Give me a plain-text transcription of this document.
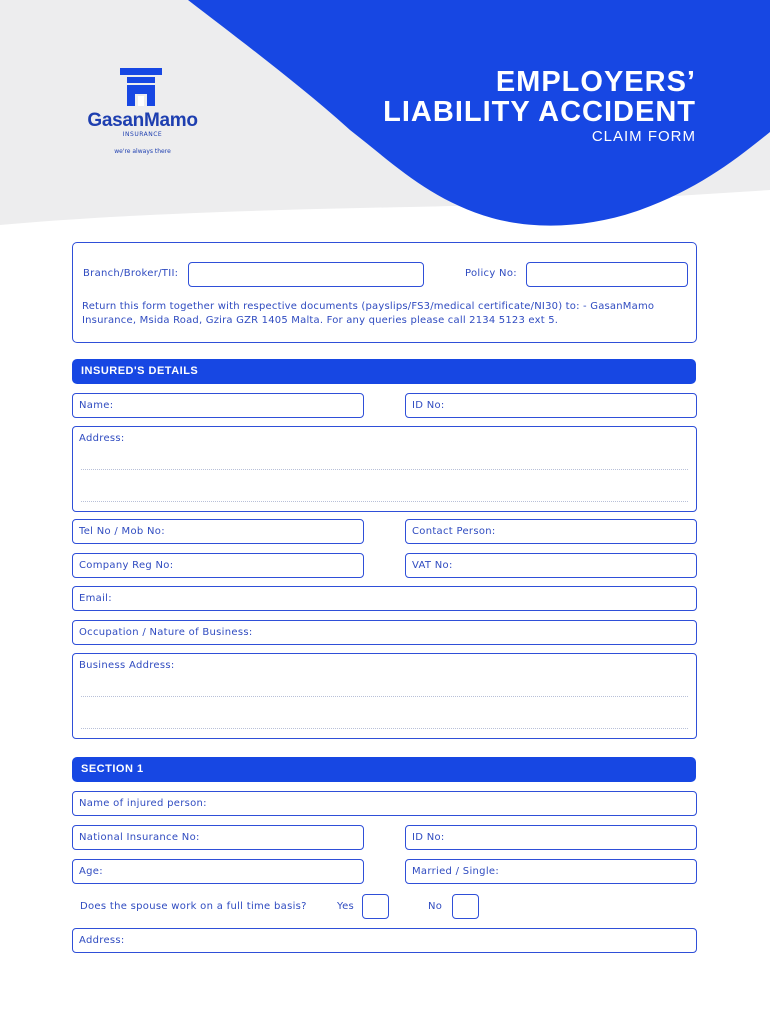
GasanMamo
INSURANCE
we're always there
EMPLOYERS’
LIABILITY ACCIDENT
CLAIM FORM
Branch/Broker/TII:	Policy No:
Return this form together with respective documents (payslips/FS3/medical certificate/NI30) to: - GasanMamo Insurance, Msida Road, Gzira GZR 1405 Malta. For any queries please call 2134 5123 ext 5.
INSURED'S DETAILS
Name:	ID No:
Address:
Tel No / Mob No:	Contact Person:
Company Reg No:	VAT No:
Email:
Occupation / Nature of Business:
Business Address:
SECTION 1
Name of injured person:
National Insurance No:	ID No:
Age:	Married / Single:
Does the spouse work on a full time basis?	Yes	No
Address:
